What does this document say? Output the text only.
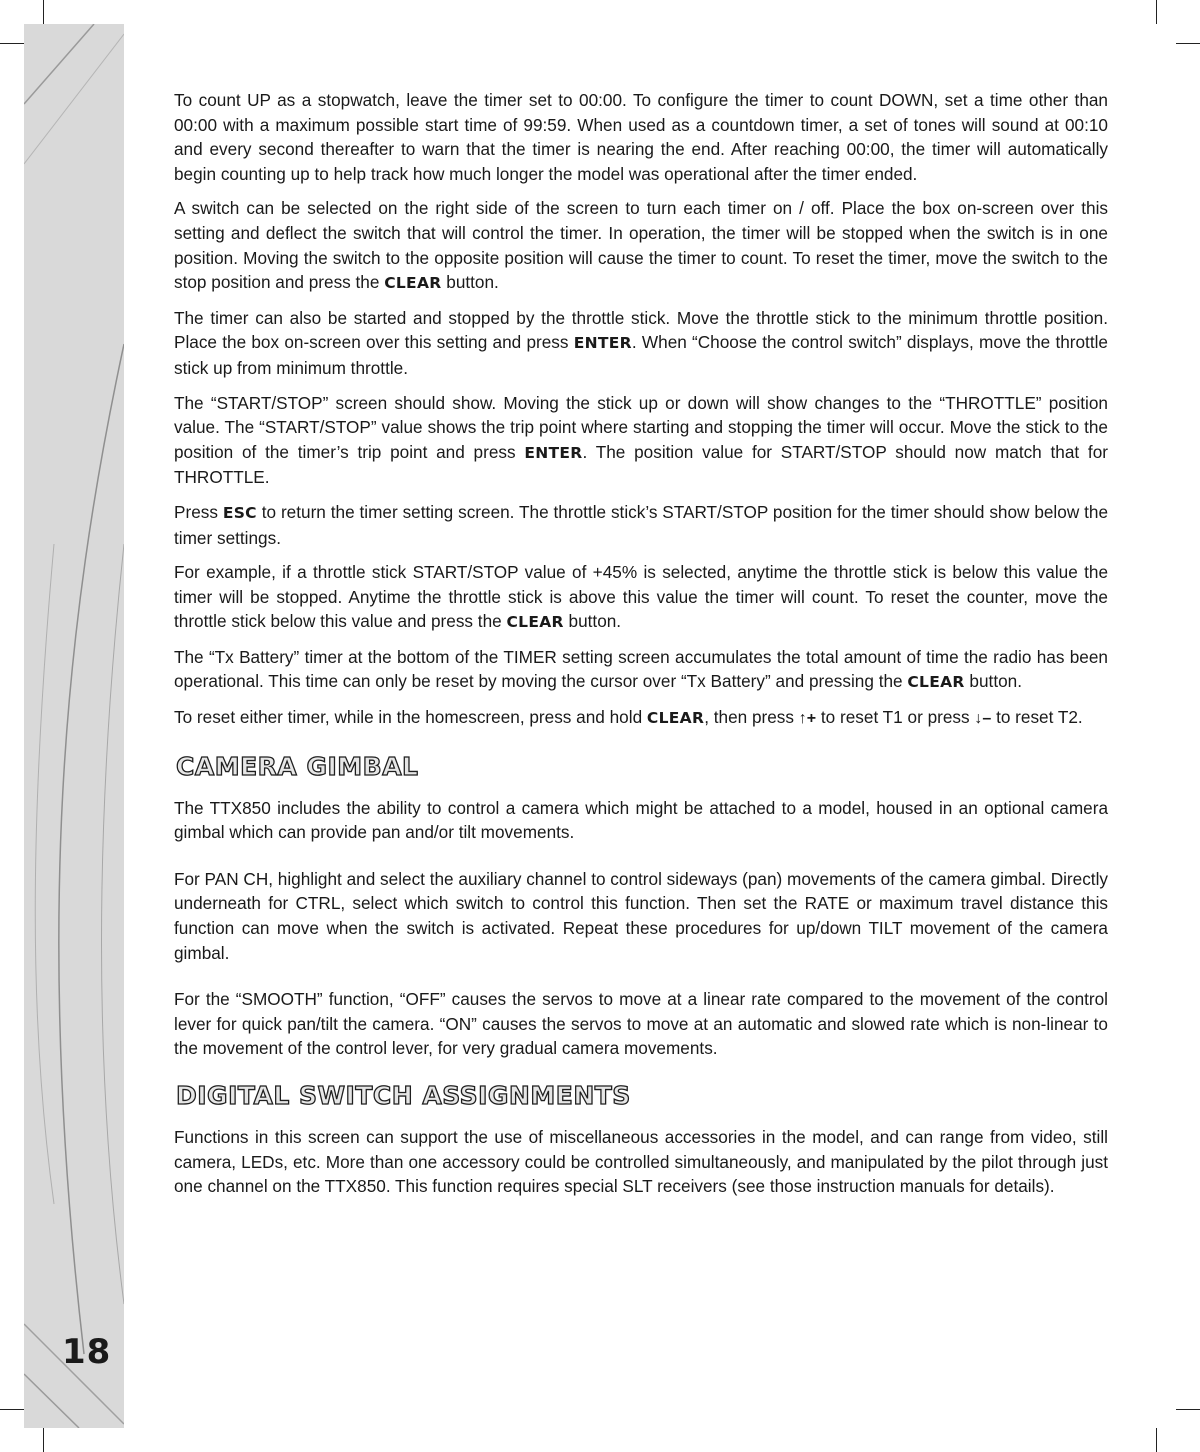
18

To count UP as a stopwatch, leave the timer set to 00:00. To configure the timer to count DOWN, set a time other than 00:00 with a maximum possible start time of 99:59. When used as a countdown timer, a set of tones will sound at 00:10 and every second thereafter to warn that the timer is nearing the end. After reaching 00:00, the timer will automatically begin counting up to help track how much longer the model was operational after the timer ended.

A switch can be selected on the right side of the screen to turn each timer on / off. Place the box on-screen over this setting and deflect the switch that will control the timer. In operation, the timer will be stopped when the switch is in one position. Moving the switch to the opposite position will cause the timer to count. To reset the timer, move the switch to the stop position and press the CLEAR button.

The timer can also be started and stopped by the throttle stick. Move the throttle stick to the minimum throttle position. Place the box on-screen over this setting and press ENTER. When “Choose the control switch” displays, move the throttle stick up from minimum throttle.

The “START/STOP” screen should show. Moving the stick up or down will show changes to the “THROTTLE” position value. The “START/STOP” value shows the trip point where starting and stopping the timer will occur. Move the stick to the position of the timer’s trip point and press ENTER. The position value for START/STOP should now match that for THROTTLE.

Press ESC to return the timer setting screen. The throttle stick’s START/STOP position for the timer should show below the timer settings.

For example, if a throttle stick START/STOP value of +45% is selected, anytime the throttle stick is below this value the timer will be stopped. Anytime the throttle stick is above this value the timer will count. To reset the counter, move the throttle stick below this value and press the CLEAR button.

The “Tx Battery” timer at the bottom of the TIMER setting screen accumulates the total amount of time the radio has been operational. This time can only be reset by moving the cursor over “Tx Battery” and pressing the CLEAR button.

To reset either timer, while in the homescreen, press and hold CLEAR, then press ↑+ to reset T1 or press ↓– to reset T2.

CAMERA GIMBAL

The TTX850 includes the ability to control a camera which might be attached to a model, housed in an optional camera gimbal which can provide pan and/or tilt movements.

For PAN CH, highlight and select the auxiliary channel to control sideways (pan) movements of the camera gimbal. Directly underneath for CTRL, select which switch to control this function. Then set the RATE or maximum travel distance this function can move when the switch is activated. Repeat these procedures for up/down TILT movement of the camera gimbal.

For the “SMOOTH” function, “OFF” causes the servos to move at a linear rate compared to the movement of the control lever for quick pan/tilt the camera. “ON” causes the servos to move at an automatic and slowed rate which is non-linear to the movement of the control lever, for very gradual camera movements.

DIGITAL SWITCH ASSIGNMENTS

Functions in this screen can support the use of miscellaneous accessories in the model, and can range from video, still camera, LEDs, etc. More than one accessory could be controlled simultaneously, and manipulated by the pilot through just one channel on the TTX850. This function requires special SLT receivers (see those instruction manuals for details).
